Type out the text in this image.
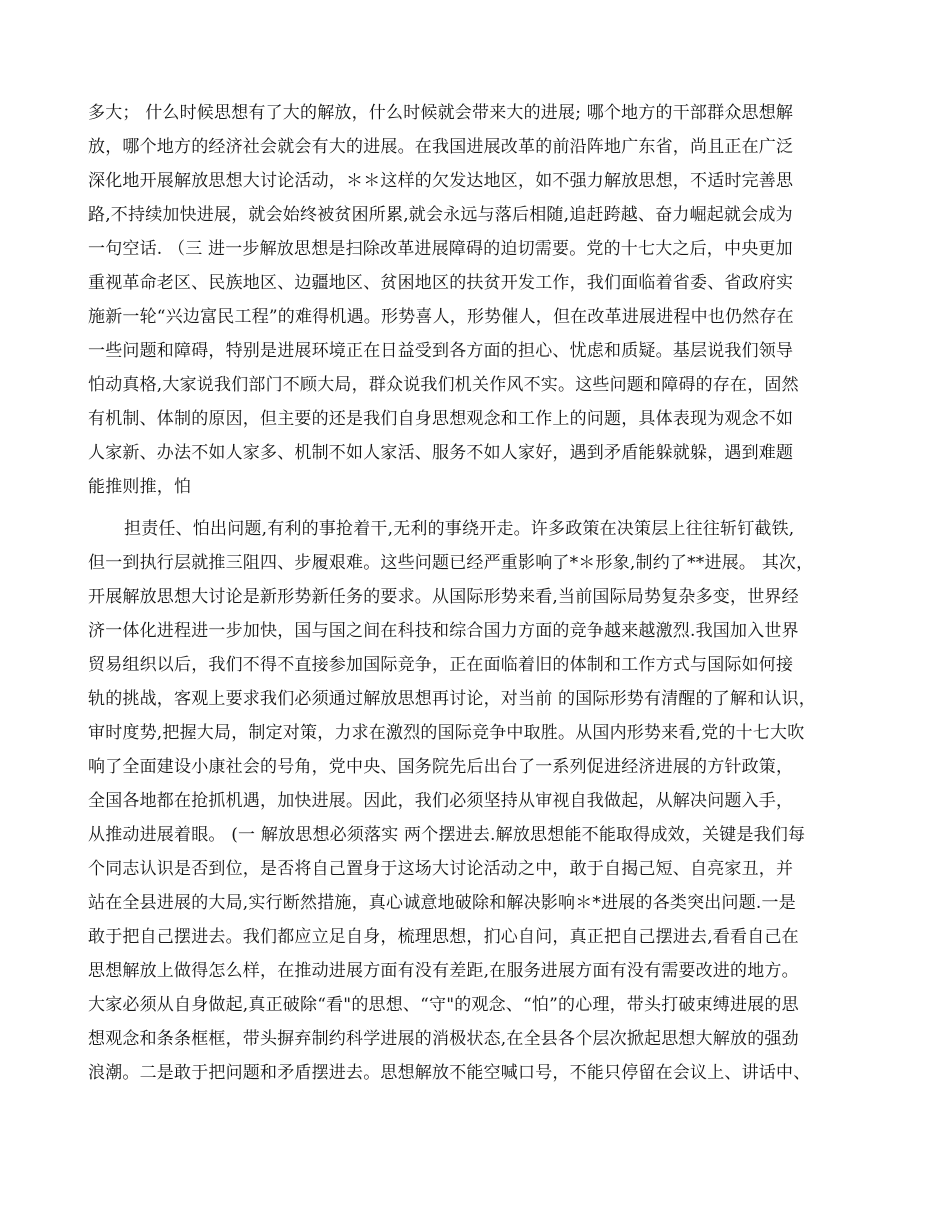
多大； 什么时候思想有了大的解放，什么时候就会带来大的进展; 哪个地方的干部群众思想解
放，哪个地方的经济社会就会有大的进展。在我国进展改革的前沿阵地广东省，尚且正在广泛
深化地开展解放思想大讨论活动，＊＊这样的欠发达地区，如不强力解放思想，不适时完善思
路,不持续加快进展，就会始终被贫困所累,就会永远与落后相随,追赶跨越、奋力崛起就会成为
一句空话. （三 进一步解放思想是扫除改革进展障碍的迫切需要。党的十七大之后，中央更加
重视革命老区、民族地区、边疆地区、贫困地区的扶贫开发工作，我们面临着省委、省政府实
施新一轮“兴边富民工程”的难得机遇。形势喜人，形势催人，但在改革进展进程中也仍然存在
一些问题和障碍，特别是进展环境正在日益受到各方面的担心、忧虑和质疑。基层说我们领导
怕动真格,大家说我们部门不顾大局，群众说我们机关作风不实。这些问题和障碍的存在，固然
有机制、体制的原因，但主要的还是我们自身思想观念和工作上的问题，具体表现为观念不如
人家新、办法不如人家多、机制不如人家活、服务不如人家好，遇到矛盾能躲就躲，遇到难题
能推则推，怕
担责任、怕出问题,有利的事抢着干,无利的事绕开走。许多政策在决策层上往往斩钉截铁,
但一到执行层就推三阻四、步履艰难。这些问题已经严重影响了*＊形象,制约了**进展。 其次，
开展解放思想大讨论是新形势新任务的要求。从国际形势来看,当前国际局势复杂多变，世界经
济一体化进程进一步加快，国与国之间在科技和综合国力方面的竞争越来越激烈.我国加入世界
贸易组织以后，我们不得不直接参加国际竞争，正在面临着旧的体制和工作方式与国际如何接
轨的挑战，客观上要求我们必须通过解放思想再讨论，对当前 的国际形势有清醒的了解和认识，
审时度势,把握大局，制定对策，力求在激烈的国际竞争中取胜。从国内形势来看,党的十七大吹
响了全面建设小康社会的号角，党中央、国务院先后出台了一系列促进经济进展的方针政策，
全国各地都在抢抓机遇，加快进展。因此，我们必须坚持从审视自我做起，从解决问题入手，
从推动进展着眼。 (一 解放思想必须落实 两个摆进去.解放思想能不能取得成效，关键是我们每
个同志认识是否到位，是否将自己置身于这场大讨论活动之中，敢于自揭己短、自亮家丑，并
站在全县进展的大局,实行断然措施，真心诚意地破除和解决影响＊*进展的各类突出问题.一是
敢于把自己摆进去。我们都应立足自身，梳理思想，扪心自问，真正把自己摆进去,看看自己在
思想解放上做得怎么样，在推动进展方面有没有差距,在服务进展方面有没有需要改进的地方。
大家必须从自身做起,真正破除“看"的思想、“守"的观念、“怕”的心理，带头打破束缚进展的思
想观念和条条框框，带头摒弃制约科学进展的消极状态,在全县各个层次掀起思想大解放的强劲
浪潮。二是敢于把问题和矛盾摆进去。思想解放不能空喊口号，不能只停留在会议上、讲话中、
